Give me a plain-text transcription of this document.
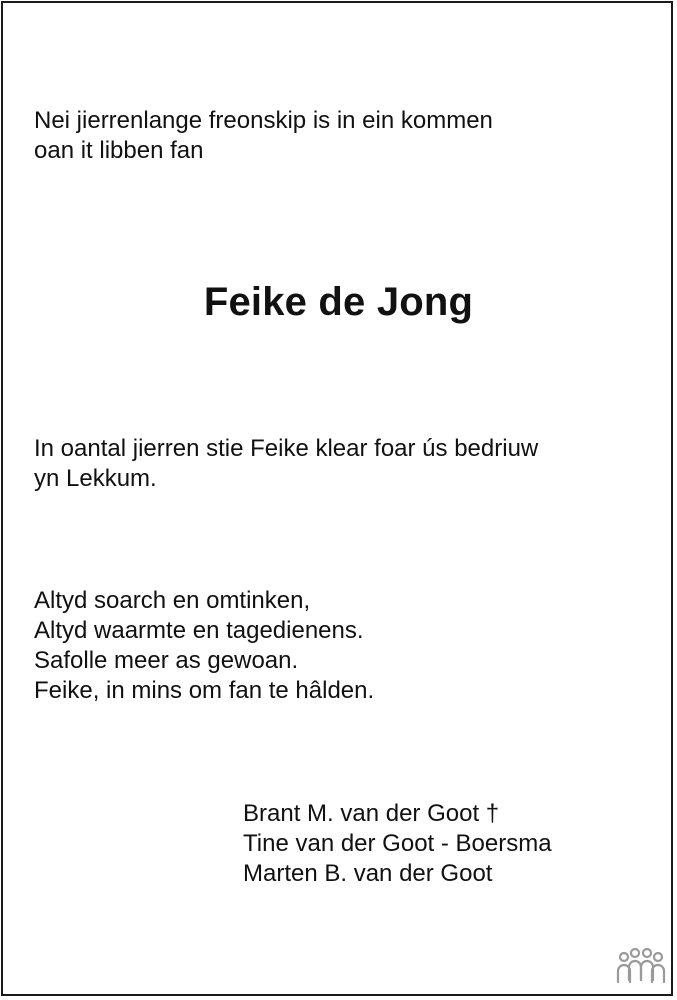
Nei jierrenlange freonskip is in ein kommen
oan it libben fan
Feike de Jong
In oantal jierren stie Feike klear foar ús bedriuw
yn Lekkum.
Altyd soarch en omtinken,
Altyd waarmte en tagedienens.
Safolle meer as gewoan.
Feike, in mins om fan te hâlden.
Brant M. van der Goot †
Tine van der Goot - Boersma
Marten B. van der Goot
